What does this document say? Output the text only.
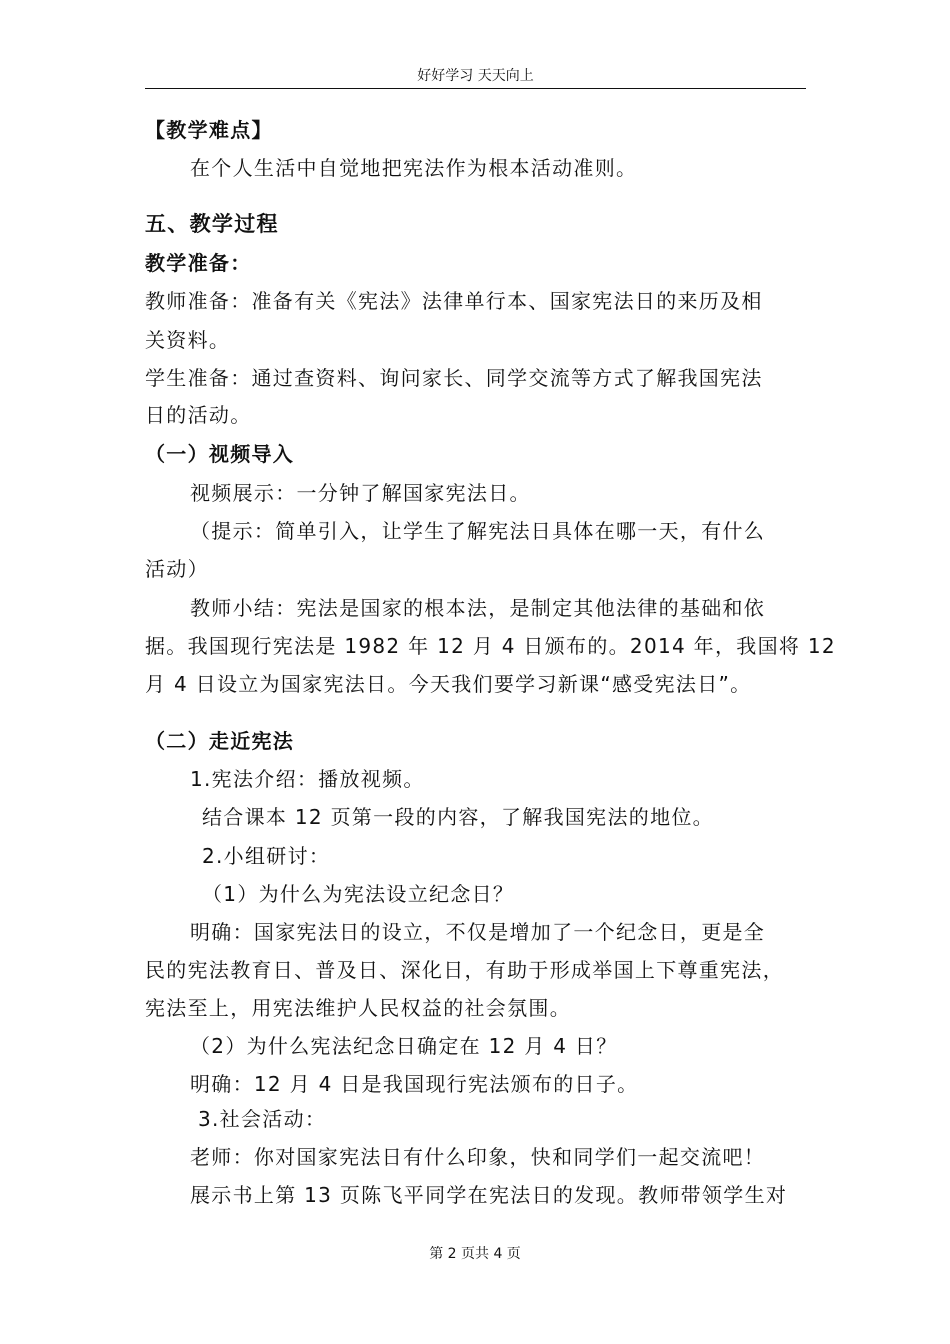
好好学习 天天向上
【教学难点】
在个人生活中自觉地把宪法作为根本活动准则。
五、教学过程
教学准备：
教师准备：准备有关《宪法》法律单行本、国家宪法日的来历及相
关资料。
学生准备：通过查资料、询问家长、同学交流等方式了解我国宪法
日的活动。
（一）视频导入
视频展示：一分钟了解国家宪法日。
（提示：简单引入，让学生了解宪法日具体在哪一天，有什么
活动）
教师小结：宪法是国家的根本法，是制定其他法律的基础和依
据。我国现行宪法是 1982 年 12 月 4 日颁布的。2014 年，我国将 12
月 4 日设立为国家宪法日。今天我们要学习新课“感受宪法日”。
（二）走近宪法
1.宪法介绍：播放视频。
结合课本 12 页第一段的内容，了解我国宪法的地位。
2.小组研讨：
（1）为什么为宪法设立纪念日？
明确：国家宪法日的设立，不仅是增加了一个纪念日，更是全
民的宪法教育日、普及日、深化日，有助于形成举国上下尊重宪法，
宪法至上，用宪法维护人民权益的社会氛围。
（2）为什么宪法纪念日确定在 12 月 4 日？
明确：12 月 4 日是我国现行宪法颁布的日子。
3.社会活动：
老师：你对国家宪法日有什么印象，快和同学们一起交流吧！
展示书上第 13 页陈飞平同学在宪法日的发现。教师带领学生对
第 2 页共 4 页
